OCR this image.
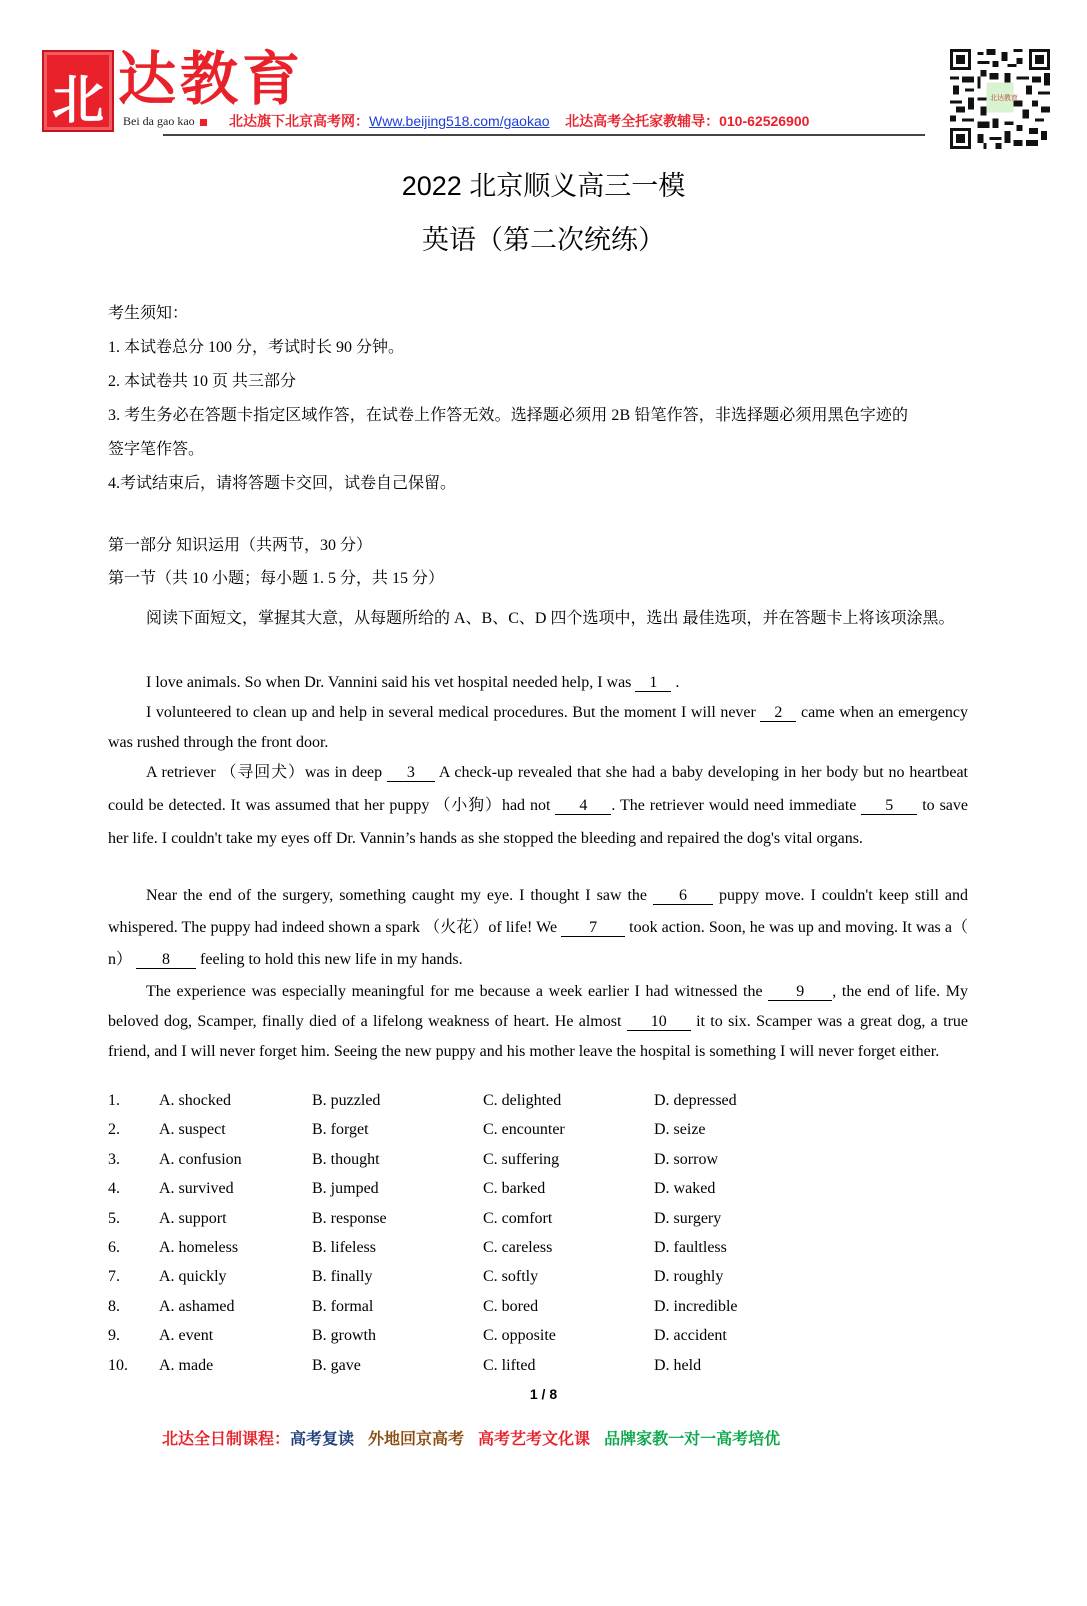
北 达教育
Bei da gao kao	北达旗下北京高考网：Www.beijing518.com/gaokao 北达高考全托家教辅导：010-62526900
北达教育
2022 北京顺义高三一模
英语（第二次统练）
考生须知：
1. 本试卷总分 100 分，考试时长 90 分钟。
2. 本试卷共 10 页 共三部分
3. 考生务必在答题卡指定区域作答，在试卷上作答无效。选择题必须用 2B 铅笔作答，非选择题必须用黑色字迹的
签字笔作答。
4.考试结束后，请将答题卡交回，试卷自己保留。
第一部分 知识运用（共两节，30 分）
第一节（共 10 小题；每小题 1. 5 分，共 15 分）
阅读下面短文，掌握其大意，从每题所给的 A、B、C、D 四个选项中，选出 最佳选项，并在答题卡上将该项涂黑。
I love animals. So when Dr. Vannini said his vet hospital needed help, I was 1 .
I volunteered to clean up and help in several medical procedures. But the moment I will never 2 came when an emergency was rushed through the front door.
A retriever （寻回犬）was in deep 3 A check-up revealed that she had a baby developing in her body but no heartbeat could be detected. It was assumed that her puppy （小狗）had not 4 . The retriever would need immediate 5 to save her life. I couldn't take my eyes off Dr. Vannin’s hands as she stopped the bleeding and repaired the dog's vital organs.
Near the end of the surgery, something caught my eye. I thought I saw the 6 puppy move. I couldn't keep still and whispered. The puppy had indeed shown a spark （火花）of life! We 7 took action. Soon, he was up and moving. It was a（ n） 8 feeling to hold this new life in my hands.
The experience was especially meaningful for me because a week earlier I had witnessed the 9 , the end of life. My beloved dog, Scamper, finally died of a lifelong weakness of heart. He almost 10 it to six. Scamper was a great dog, a true friend, and I will never forget him. Seeing the new puppy and his mother leave the hospital is something I will never forget either.
1. A. shocked	B. puzzled	C. delighted	D. depressed
2. A. suspect	B. forget	C. encounter	D. seize
3. A. confusion	B. thought	C. suffering	D. sorrow
4. A. survived	B. jumped	C. barked	D. waked
5. A. support	B. response	C. comfort	D. surgery
6. A. homeless	B. lifeless	C. careless	D. faultless
7. A. quickly	B. finally	C. softly	D. roughly
8. A. ashamed	B. formal	C. bored	D. incredible
9. A. event	B. growth	C. opposite	D. accident
10. A. made	B. gave	C. lifted	D. held
1 / 8
北达全日制课程：高考复读 外地回京高考 高考艺考文化课 品牌家教一对一高考培优
